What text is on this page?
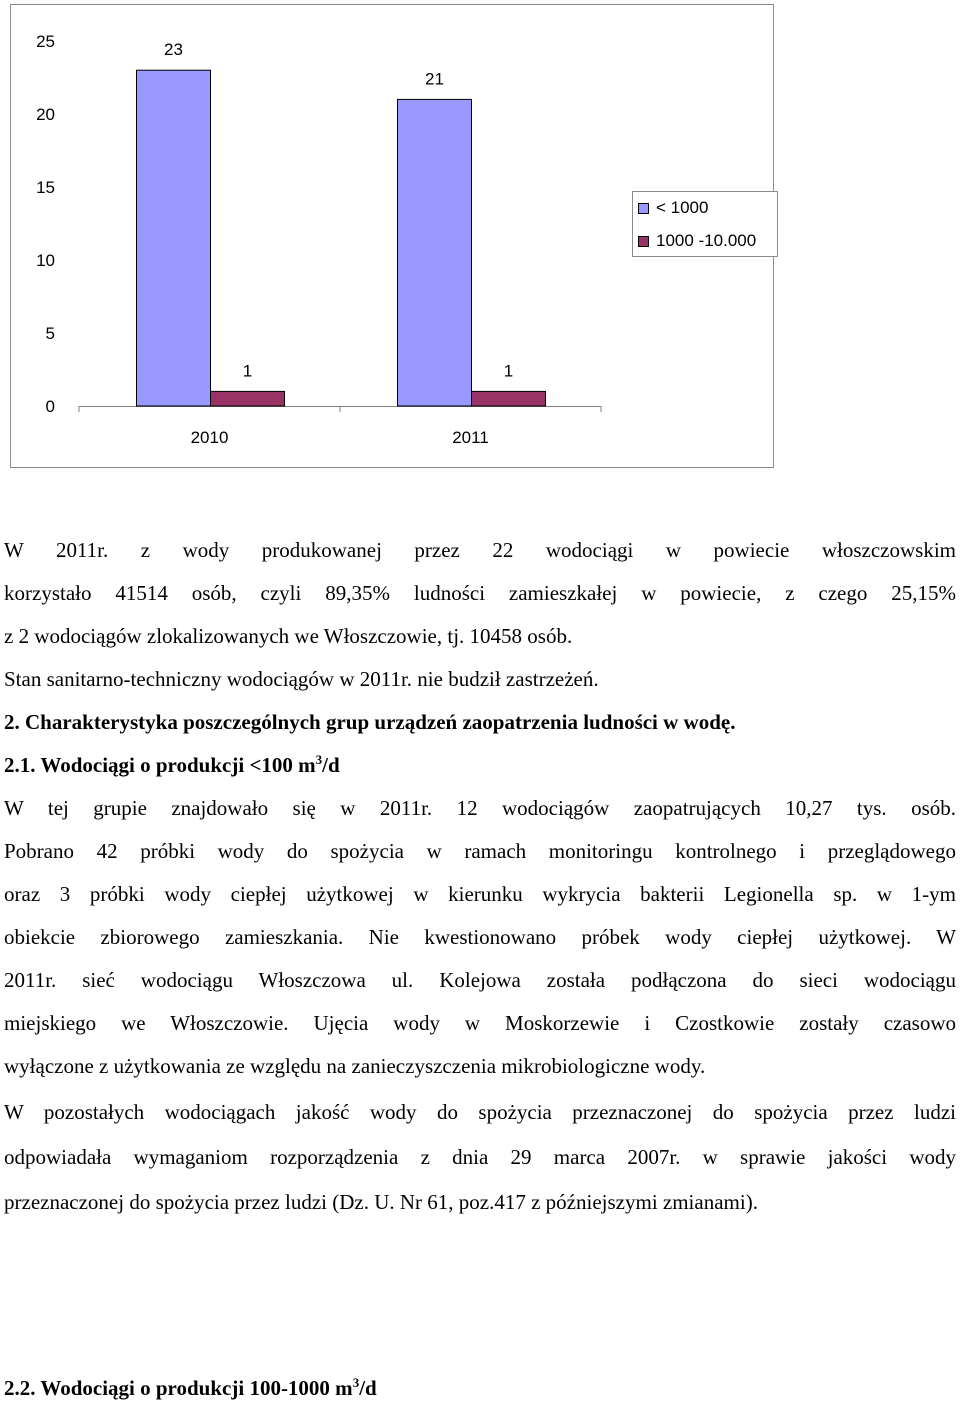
0
5
10
15
20
25	23
1
2010
21
1
2011
< 1000
1000 -10.000
W 2011r. z wody produkowanej przez 22 wodociągi w powiecie włoszczowskim
korzystało 41514 osób, czyli 89,35% ludności zamieszkałej w powiecie, z czego 25,15%
z 2 wodociągów zlokalizowanych we Włoszczowie, tj. 10458 osób.
Stan sanitarno-techniczny wodociągów w 2011r. nie budził zastrzeżeń.
2. Charakterystyka poszczególnych grup urządzeń zaopatrzenia ludności w wodę.
2.1. Wodociągi o produkcji <100 $m^3/d$
W tej grupie znajdowało się w 2011r. 12 wodociągów zaopatrujących 10,27 tys. osób.
Pobrano 42 próbki wody do spożycia w ramach monitoringu kontrolnego i przeglądowego
oraz 3 próbki wody ciepłej użytkowej w kierunku wykrycia bakterii Legionella sp. w 1-ym
obiekcie zbiorowego zamieszkania. Nie kwestionowano próbek wody ciepłej użytkowej. W
2011r. sieć wodociągu Włoszczowa ul. Kolejowa została podłączona do sieci wodociągu
miejskiego we Włoszczowie. Ujęcia wody w Moskorzewie i Czostkowie zostały czasowo
wyłączone z użytkowania ze względu na zanieczyszczenia mikrobiologiczne wody.
W pozostałych wodociągach jakość wody do spożycia przeznaczonej do spożycia przez ludzi
odpowiadała wymaganiom rozporządzenia z dnia 29 marca 2007r. w sprawie jakości wody
przeznaczonej do spożycia przez ludzi (Dz. U. Nr 61, poz.417 z późniejszymi zmianami).
2.2. Wodociągi o produkcji 100-1000 $m^3/d$
